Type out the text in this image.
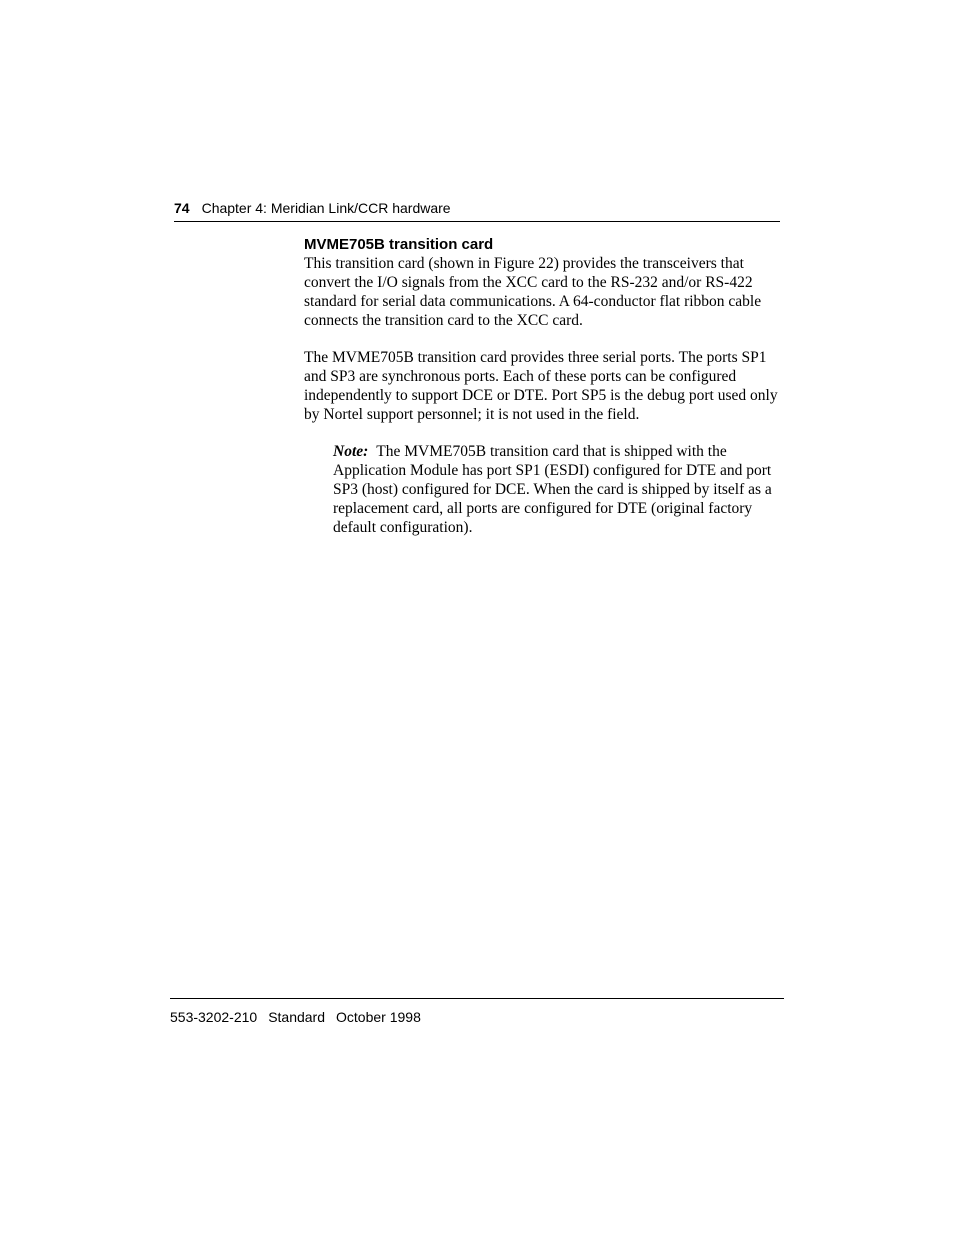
74 Chapter 4: Meridian Link/CCR hardware
MVME705B transition card

This transition card (shown in Figure 22) provides the transceivers that convert the I/O signals from the XCC card to the RS-232 and/or RS-422 standard for serial data communications. A 64-conductor flat ribbon cable connects the transition card to the XCC card.

The MVME705B transition card provides three serial ports. The ports SP1 and SP3 are synchronous ports. Each of these ports can be configured independently to support DCE or DTE. Port SP5 is the debug port used only by Nortel support personnel; it is not used in the field.

Note: The MVME705B transition card that is shipped with the Application Module has port SP1 (ESDI) configured for DTE and port SP3 (host) configured for DCE. When the card is shipped by itself as a replacement card, all ports are configured for DTE (original factory default configuration).

553-3202-210 Standard October 1998
